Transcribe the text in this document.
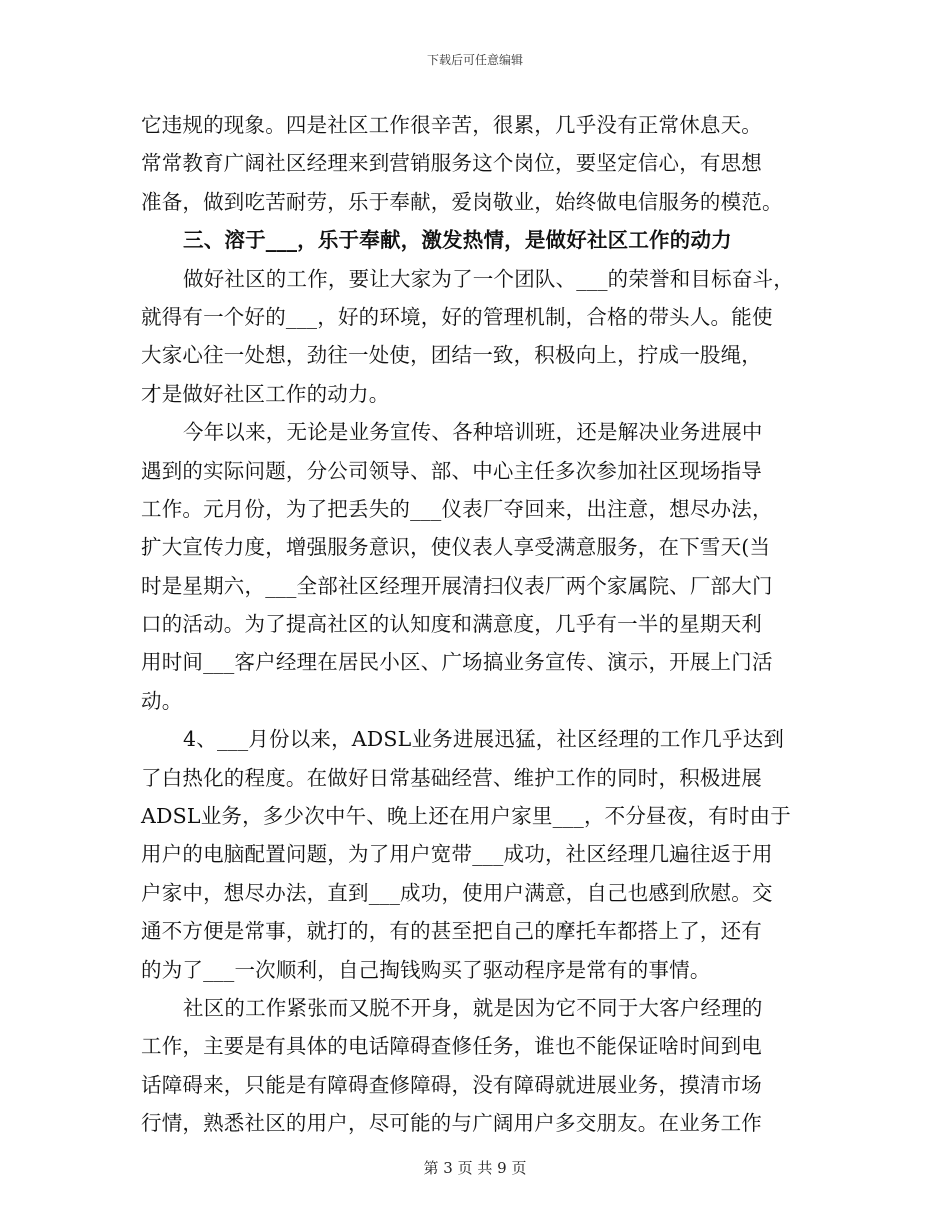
下载后可任意编辑
它违规的现象。四是社区工作很辛苦，很累，几乎没有正常休息天。
常常教育广阔社区经理来到营销服务这个岗位，要坚定信心，有思想
准备，做到吃苦耐劳，乐于奉献，爱岗敬业，始终做电信服务的模范。
三、溶于___，乐于奉献，激发热情，是做好社区工作的动力
做好社区的工作，要让大家为了一个团队、___的荣誉和目标奋斗，
就得有一个好的___，好的环境，好的管理机制，合格的带头人。能使
大家心往一处想，劲往一处使，团结一致，积极向上，拧成一股绳，
才是做好社区工作的动力。
今年以来，无论是业务宣传、各种培训班，还是解决业务进展中
遇到的实际问题，分公司领导、部、中心主任多次参加社区现场指导
工作。元月份，为了把丢失的___仪表厂夺回来，出注意，想尽办法，
扩大宣传力度，增强服务意识，使仪表人享受满意服务，在下雪天(当
时是星期六，___全部社区经理开展清扫仪表厂两个家属院、厂部大门
口的活动。为了提高社区的认知度和满意度，几乎有一半的星期天利
用时间___客户经理在居民小区、广场搞业务宣传、演示，开展上门活
动。
4、___月份以来，ADSL业务进展迅猛，社区经理的工作几乎达到
了白热化的程度。在做好日常基础经营、维护工作的同时，积极进展
ADSL业务，多少次中午、晚上还在用户家里___，不分昼夜，有时由于
用户的电脑配置问题，为了用户宽带___成功，社区经理几遍往返于用
户家中，想尽办法，直到___成功，使用户满意，自己也感到欣慰。交
通不方便是常事，就打的，有的甚至把自己的摩托车都搭上了，还有
的为了___一次顺利，自己掏钱购买了驱动程序是常有的事情。
社区的工作紧张而又脱不开身，就是因为它不同于大客户经理的
工作，主要是有具体的电话障碍查修任务，谁也不能保证啥时间到电
话障碍来，只能是有障碍查修障碍，没有障碍就进展业务，摸清市场
行情，熟悉社区的用户，尽可能的与广阔用户多交朋友。在业务工作
第 3 页 共 9 页
